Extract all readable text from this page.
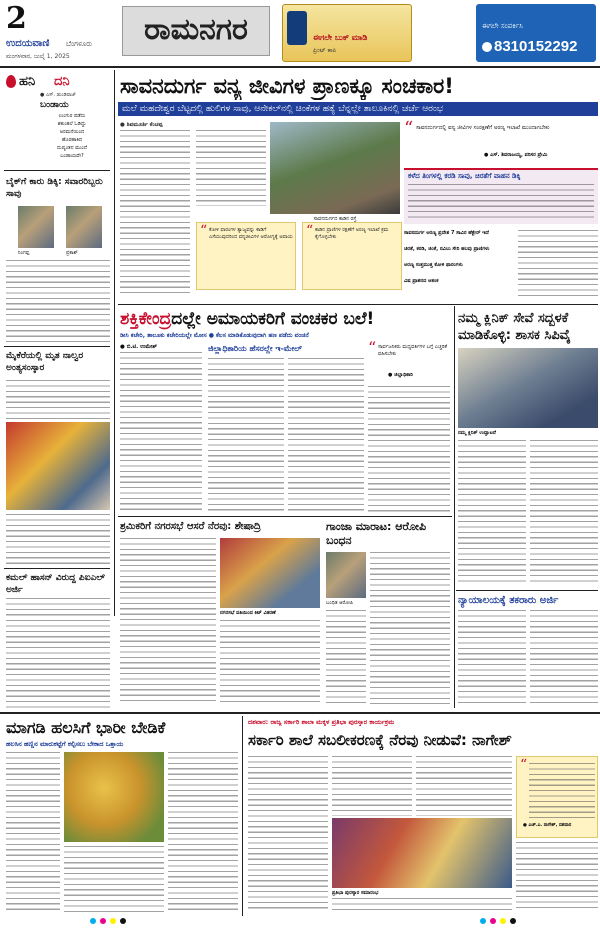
2
ಉದಯವಾಣಿ ಬೆಂಗಳೂರು
ಮಂಗಳವಾರ, ಜುಲೈ 1, 2025
ರಾಮನಗರ	ಈಗಲೇ ಬುಕ್ ಮಾಡಿ
ಪ್ರಿಂಟ್ ಕಾಪಿ
ಈಗಲೇ ಸಂಪರ್ಕಿಸಿ
8310152292
ಹನಿ ದನಿ
● ಎಸ್. ಡುಂಡಿರಾಜ್
ಬಂಡಾಯ
ಉಂಗುರ ಪಡೆದು
ಶಕುಂತಲೆ ಓಡಿದ್ದು
ಅರಮನೆಯಿಂದ
ಹೊರಹಾಕಿದ
ದುಷ್ಯಂತನ ಮುಂದೆ
ಬಂಡಾಯವೇ?
ಬೈಕ್‌ಗೆ ಕಾರು ಡಿಕ್ಕಿ: ಸವಾರರಿಬ್ಬರು ಸಾವು
ನಿಂಗಪ್ಪ	ಪ್ರಕಾಶ್
ಮೈಕೆರೆಯಲ್ಲಿ ಮೃತ ನಾಲ್ವರ ಅಂತ್ಯಸಂಸ್ಕಾರ
ಕಮಲ್ ಹಾಸನ್ ವಿರುದ್ದ ಪಿಐಎಲ್ ಅರ್ಜಿ
ಸಾವನದುರ್ಗ ವನ್ಯ ಜೀವಿಗಳ ಪ್ರಾಣಕ್ಕೂ ಸಂಚಕಾರ!
ಮಲೆ ಮಹದೇಶ್ವರ ಬೆಟ್ಟದಲ್ಲಿ ಹುಲಿಗಳ ಸಾವು, ಆನೇಕಲ್‌ನಲ್ಲಿ ಚಿಂಕೆಗಳ ಹತ್ಯೆ ಬೆನ್ನಲ್ಲೇ ತಾಲೂಕಿನಲ್ಲಿ ಚರ್ಚೆ ಆರಂಭ
● ಶಿವಮೂರ್ತಿ ಕೆಂಚಪ್ಪ
ಸಾವನದುರ್ಗದ ಕಾಡಿನ ರಸ್ತೆ
“ ಕೋಳಿ ಫಾರಂಗಳ ತ್ಯಾಜ್ಯವನ್ನು ಕಾಡಿಗೆ ಎಸೆಯುವುದರಿಂದ ವನ್ಯಜೀವಿಗಳ ಆರೋಗ್ಯಕ್ಕೆ ಅಪಾಯ “ ಕಾಡಿನ ಪ್ರಾಣಿಗಳ ರಕ್ಷಣೆಗೆ ಅರಣ್ಯ ಇಲಾಖೆ ಕ್ರಮ ಕೈಗೊಳ್ಳಬೇಕು
“ ಸಾವನದುರ್ಗದಲ್ಲಿ ವನ್ಯ ಜೀವಿಗಳ ಸಂರಕ್ಷಣೆಗೆ ಅರಣ್ಯ ಇಲಾಖೆ ಮುಂದಾಗಬೇಕು
● ಎಸ್. ಶಿವರಾಜಯ್ಯ, ಪರಿಸರ ಪ್ರೇಮಿ
ಕಳೆದ ತಿಂಗಳಲ್ಲಿ ಕರಡಿ ಸಾವು, ಚಿರತೆಗೆ ವಾಹನ ಡಿಕ್ಕಿ
ಸಾವನದುರ್ಗ ಅರಣ್ಯ ಪ್ರದೇಶ 7 ಸಾವಿರ ಹೆಕ್ಟೇರ್ ಇದೆ
ಚಿರತೆ, ಕರಡಿ, ಜಿಂಕೆ, ನವಿಲು ಸೇರಿ ಹಲವು ಪ್ರಾಣಿಗಳು
ಅರಣ್ಯ ಸುತ್ತಮುತ್ತ ಕೋಳಿ ಫಾರಂಗಳು
ವಿಷ ಪ್ರಾಶನದ ಆತಂಕ
ಶಕ್ತಿಕೇಂದ್ರದಲ್ಲೇ ಅಮಾಯಕರಿಗೆ ವಂಚಕರ ಬಲೆ!
ಡೀಸಿ ಕಚೇರಿ, ತಾಲೂಕು ಕಚೇರಿಯಲ್ಲೇ ಮೋಸ ● ಕೆಲಸ ಮಾಡಿಕೊಡುವುದಾಗಿ ಹಣ ಪಡೆದು ವಂಚನೆ
● ಬಿ.ಟಿ. ಉಮೇಶ್	ಜಿಲ್ಲಾಧಿಕಾರಿಯ ಹೆಸರಲ್ಲೇ ಇ-ಮೇಲ್	“ ಸಾರ್ವಜನಿಕರು ಮಧ್ಯವರ್ತಿಗಳ ಬಗ್ಗೆ ಎಚ್ಚರಿಕೆ ವಹಿಸಬೇಕು
● ಜಿಲ್ಲಾಧಿಕಾರಿ
ನಮ್ಮ ಕ್ಲಿನಿಕ್ ಸೇವೆ ಸದ್ಬಳಕೆ ಮಾಡಿಕೊಳ್ಳಿ: ಶಾಸಕ ಸಿಪಿವೈ
ನಮ್ಮ ಕ್ಲಿನಿಕ್ ಉದ್ಘಾಟನೆ
ನ್ಯಾಯಾಲಯಕ್ಕೆ ತಕರಾರು ಅರ್ಜಿ
ಶ್ರಮಿಕರಿಗೆ ನಗರಸಭೆ ಆಸರೆ ನೆರವು: ಶೇಷಾದ್ರಿ
ನಗರಸಭೆ ವತಿಯಿಂದ ಕಿಟ್ ವಿತರಣೆ
ಗಾಂಜಾ ಮಾರಾಟ: ಆರೋಪಿ ಬಂಧನ
ಬಂಧಿತ ಆರೋಪಿ
ಮಾಗಡಿ ಹಲಸಿಗೆ ಭಾರೀ ಬೇಡಿಕೆ
ಹಲಸಿನ ಹಣ್ಣಿನ ಮಾರುಕಟ್ಟೆಗೆ ಕಲ್ಪಿಸಲು ಬೇಕಾದ ಒತ್ತಾಯ
ದಶವಾರ: ರಾಜ್ಯ ಸರ್ಕಾರಿ ಶಾಲಾ ಮಕ್ಕಳ ಪ್ರತಿಭಾ ಪುರಸ್ಕಾರ ಕಾರ್ಯಕ್ರಮ
ಸರ್ಕಾರಿ ಶಾಲೆ ಸಬಲೀಕರಣಕ್ಕೆ ನೆರವು ನೀಡುವೆ: ನಾಗೇಶ್
ಪ್ರತಿಭಾ ಪುರಸ್ಕಾರ ಸಮಾರಂಭ
“
● ಎಚ್.ಎ. ನಾಗೇಶ್, ದಶವಾರ
